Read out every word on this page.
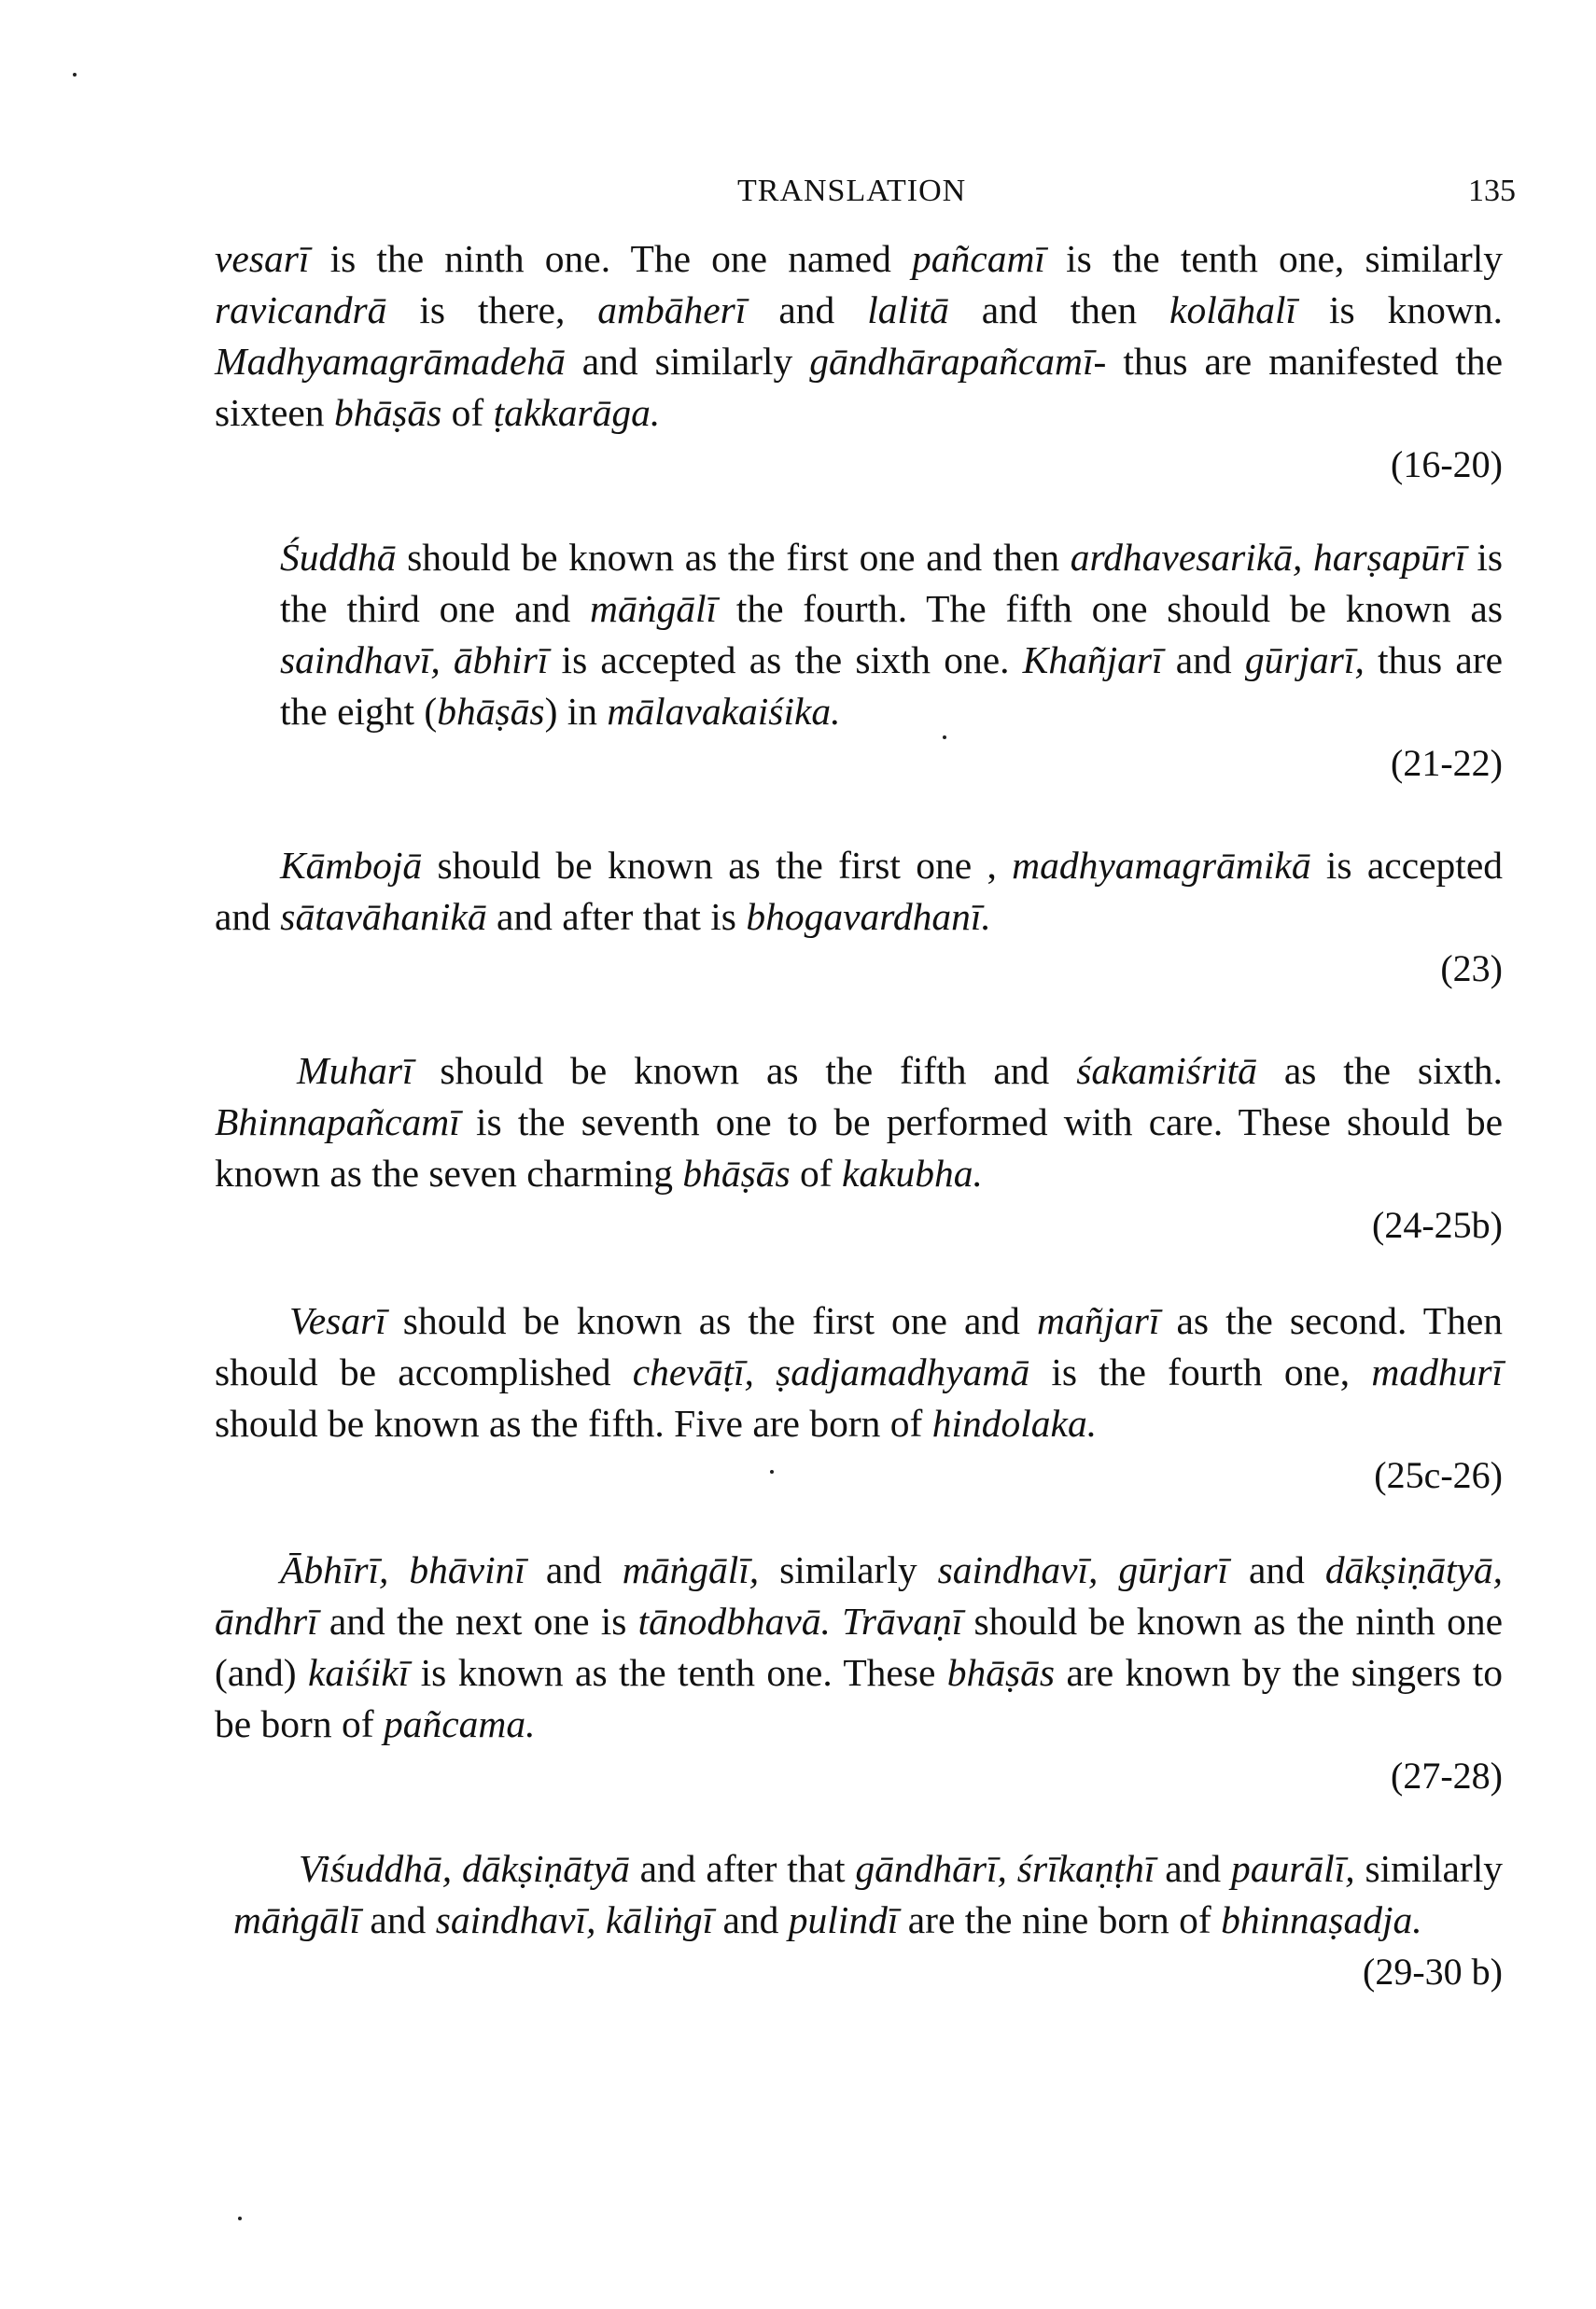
TRANSLATION	135

vesarī is the ninth one. The one named pañcamī is the tenth one, similarly ravicandrā is there, ambāherī and lalitā and then kolāhalī is known. Madhyamagrāmadehā and similarly gāndhārapañcamī- thus are manifested the sixteen bhāṣās of ṭakkarāga.

(16-20)

Śuddhā should be known as the first one and then ardhavesarikā, harṣapūrī is the third one and māṅgālī the fourth. The fifth one should be known as saindhavī, ābhirī is accepted as the sixth one. Khañjarī and gūrjarī, thus are the eight (bhāṣās) in mālavakaiśika.

(21-22)

Kāmbojā should be known as the first one , madhyamagrāmikā is accepted and sātavāhanikā and after that is bhogavardhanī.

(23)

Muharī should be known as the fifth and śakamiśritā as the sixth. Bhinnapañcamī is the seventh one to be performed with care. These should be known as the seven charming bhāṣās of kakubha.

(24-25b)

Vesarī should be known as the first one and mañjarī as the second. Then should be accomplished chevāṭī, ṣadjamadhyamā is the fourth one, madhurī should be known as the fifth. Five are born of hindolaka.

(25c-26)

Ābhīrī, bhāvinī and māṅgālī, similarly saindhavī, gūrjarī and dākṣiṇātyā, āndhrī and the next one is tānodbhavā. Trāvaṇī should be known as the ninth one (and) kaiśikī is known as the tenth one. These bhāṣās are known by the singers to be born of pañcama.

(27-28)

Viśuddhā, dākṣiṇātyā and after that gāndhārī, śrīkaṇṭhī and paurālī, similarly māṅgālī and saindhavī, kāliṅgī and pulindī are the nine born of bhinnaṣadja.

(29-30 b)
